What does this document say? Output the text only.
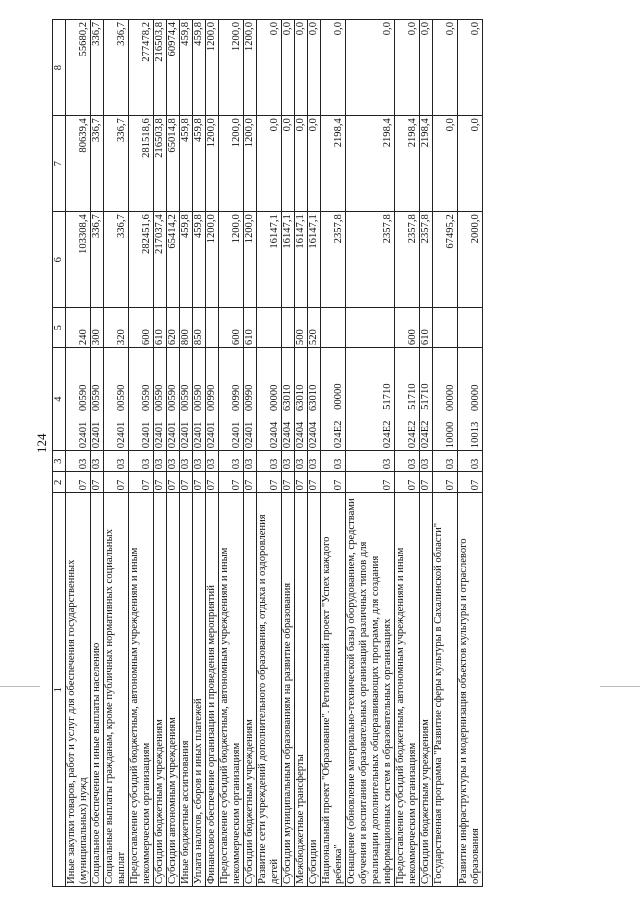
124
1	2	3	4	5	6	7	8
Иные закупки товаров, работ и услуг для обеспечения государственных (муниципальных) нужд	07	03	02401    00590	240	103308,4	80639,4	55680,2
Социальное обеспечение и иные выплаты населению	07	03	02401    00590	300	336,7	336,7	336,7
Социальные выплаты гражданам, кроме публичных нормативных социальных выплат	07	03	02401    00590	320	336,7	336,7	336,7
Предоставление субсидий бюджетным, автономным учреждениям и иным некоммерческим организациям	07	03	02401    00590	600	282451,6	281518,6	277478,2
Субсидии бюджетным учреждениям	07	03	02401    00590	610	217037,4	216503,8	216503,8
Субсидии автономным учреждениям	07	03	02401    00590	620	65414,2	65014,8	60974,4
Иные бюджетные ассигнования	07	03	02401    00590	800	459,8	459,8	459,8
Уплата налогов, сборов и иных платежей	07	03	02401    00590	850	459,8	459,8	459,8
Финансовое обеспечение организации и проведения мероприятий	07	03	02401    00990		1200,0	1200,0	1200,0
Предоставление субсидий бюджетным, автономным учреждениям и иным некоммерческим организациям	07	03	02401    00990	600	1200,0	1200,0	1200,0
Субсидии бюджетным учреждениям	07	03	02401    00990	610	1200,0	1200,0	1200,0
Развитие сети учреждений дополнительного образования, отдыха и оздоровления детей	07	03	02404    00000		16147,1	0,0	0,0
Субсидии муниципальным образованиям на развитие образования	07	03	02404    63010		16147,1	0,0	0,0
Межбюджетные трансферты	07	03	02404    63010	500	16147,1	0,0	0,0
Субсидии	07	03	02404    63010	520	16147,1	0,0	0,0
Национальный проект "Образование". Региональный проект "Успех каждого ребенка"	07	03	024E2    00000		2357,8	2198,4	0,0
Оснащение (обновление материально-технической базы) оборудованием, средствами обучения и воспитания образовательных организаций различных типов для реализации дополнительных общеразвивающих программ, для создания информационных систем в образовательных организациях	07	03	024E2    51710		2357,8	2198,4	0,0
Предоставление субсидий бюджетным, автономным учреждениям и иным некоммерческим организациям	07	03	024E2    51710	600	2357,8	2198,4	0,0
Субсидии бюджетным учреждениям	07	03	024E2    51710	610	2357,8	2198,4	0,0
Государственная программа "Развитие сферы культуры в Сахалинской области"	07	03	10000    00000		67495,2	0,0	0,0
Развитие инфраструктуры и модернизация объектов культуры и отраслевого образования	07	03	10013    00000		2000,0	0,0	0,0
